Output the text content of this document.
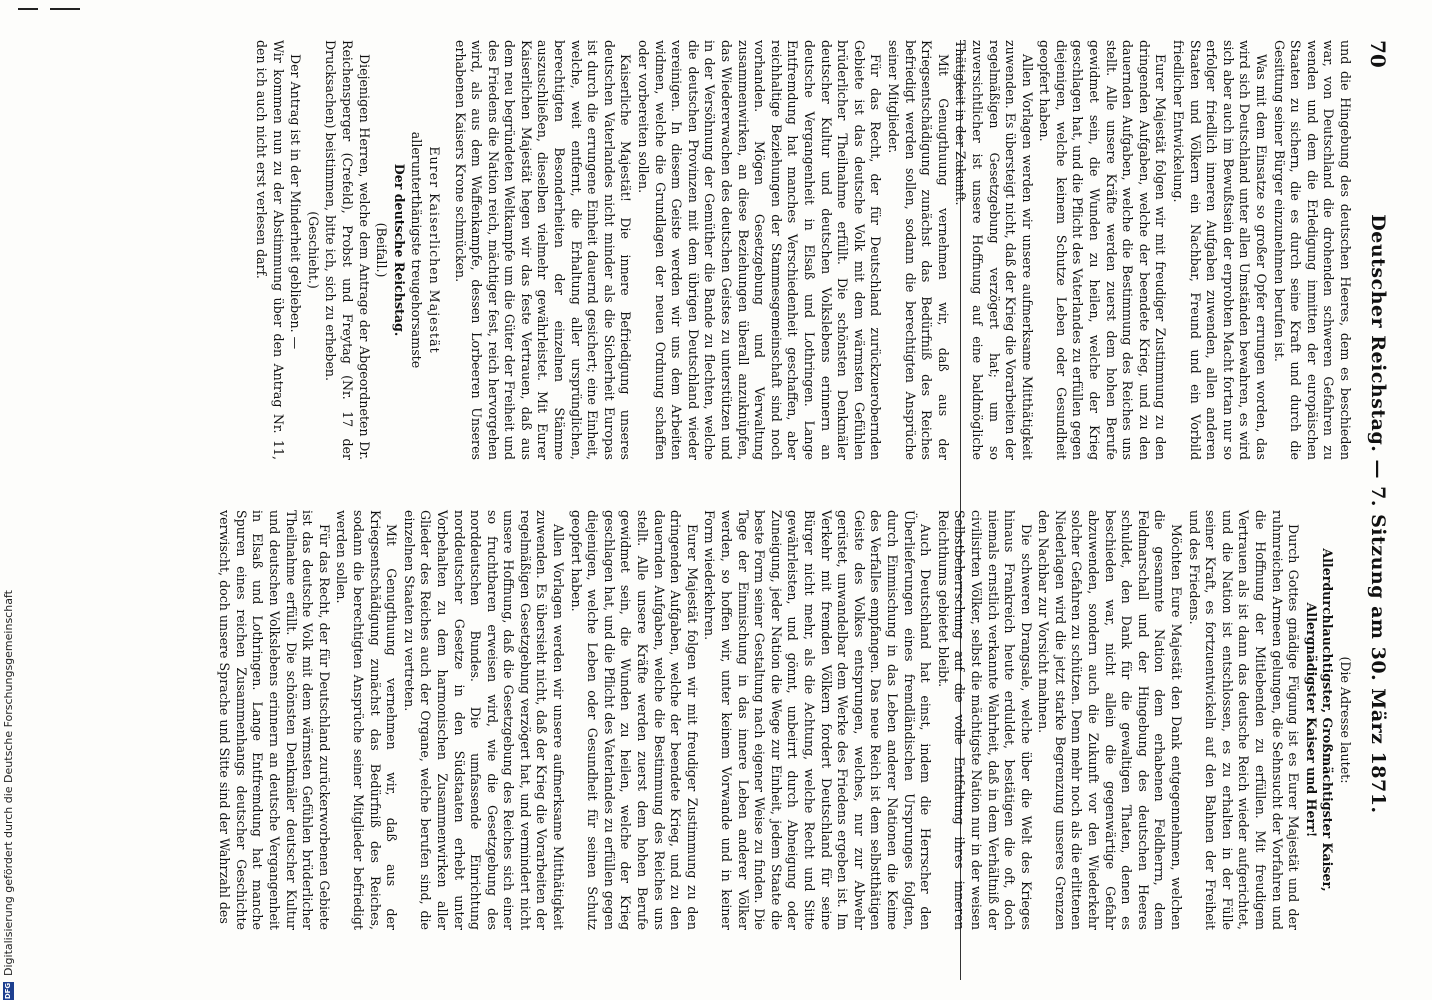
70
Deutscher Reichstag. — 7. Sitzung am 30. März 1871.

und die Hingebung des deutschen Heeres, dem es beschieden war, von Deutschland die drohenden schweren Gefahren zu wenden und dem die Erledigung inmitten der europäischen Staaten zu sichern, die es durch seine Kraft und durch die Gesittung seiner Bürger einzunehmen berufen ist.

Was mit dem Einsatze so großer Opfer errungen worden, das wird sich Deutschland unter allen Umständen bewahren, es wird sich aber auch im Bewußtsein der erprobten Macht fortan nur so erfolger friedlich inneren Aufgaben zuwenden, allen anderen Staaten und Völkern ein Nachbar, Freund und ein Vorbild friedlicher Entwickelung.

Eurer Majestät folgen wir mit freudiger Zustimmung zu den dringenden Aufgaben, welche der beendete Krieg, und zu den dauernden Aufgaben, welche die Bestimmung des Reiches uns stellt. Alle unsere Kräfte werden zuerst dem hohen Berufe gewidmet sein, die Wunden zu heilen, welche der Krieg geschlagen hat, und die Pflicht des Vaterlandes zu erfüllen gegen diejenigen, welche keinem Schutze Leben oder Gesundheit geopfert haben.

Allen Vorlagen werden wir unsere aufmerksame Mitthätigkeit zuwenden. Es übersteigt nicht, daß der Krieg die Vorarbeiten der regelmäßigen Gesetzgebung verzögert hat; um so zuversichtlicher ist unsere Hoffnung auf eine baldmögliche Thätigkeit in der Zukunft.

Mit Genugthuung vernehmen wir, daß aus der Kriegsentschädigung zunächst das Bedürfniß des Reiches befriedigt werden sollen, sodann die berechtigten Ansprüche seiner Mitglieder.

Für das Recht, der für Deutschland zurückzuerobernden Gebiete ist das deutsche Volk mit dem wärmsten Gefühlen brüderlicher Theilnahme erfüllt. Die schönsten Denkmäler deutscher Kultur und deutschen Volkslebens erinnern an deutsche Vergangenheit in Elsaß und Lothringen. Lange Entfremdung hat manches Verschiedenheit geschaffen, aber reichhaltige Beziehungen der Stammesgemeinschaft sind noch vorhanden. Mögen Gesetzgebung und Verwaltung zusammenwirken, an diese Beziehungen überall anzuknüpfen, das Wiedererwachen des deutschen Geistes zu unterstützen und in der Versöhnung der Gemüther die Bande zu flechten, welche die deutschen Provinzen mit dem übrigen Deutschland wieder vereinigen. In diesem Geiste werden wir uns dem Arbeiten widmen, welche die Grundlagen der neuen Ordnung schaffen oder vorbereiten sollen.

Kaiserliche Majestät! Die innere Befriedigung unseres deutschen Vaterlandes nicht minder als die Sicherheit Europas ist durch die errungene Einheit dauernd gesichert; eine Einheit, welche, weit entfernt, die Erhaltung aller ursprünglichen, berechtigten Besonderheiten der einzelnen Stämme auszuschließen, dieselben vielmehr gewährleistet. Mit Eurer Kaiserlichen Majestät hegen wir das feste Vertrauen, daß aus dem neu begründeten Weltkampfe um die Güter der Freiheit und des Friedens die Nation reich, mächtiger fest, reich hervorgehen wird, als aus dem Waffenkampfe, dessen Lorbeeren Unseres erhabenen Kaisers Krone schmücken.

Eurer Kaiserlichen Majestät

allerunterthänigste treugehorsamste

Der deutsche Reichstag.

(Beifall.)

Diejenigen Herren, welche dem Antrage der Abgeordneten Dr. Reichensperger (Crefeld), Probst und Freytag (Nr. 17 der Drucksachen) beistimmen, bitte ich, sich zu erheben.

(Geschieht.)

Der Antrag ist in der Minderheit geblieben. —

Wir kommen nun zu der Abstimmung über den Antrag Nr. 11, den ich auch nicht erst verlesen darf.

(Die Adresse lautet:

Allerdurchlauchtigster, Großmächtigster Kaiser, Allergnädigster Kaiser und Herr!

Durch Gottes gnädige Fügung ist es Eurer Majestät und der ruhmreichen Armeen gelungen, die Sehnsucht der Vorfahren und die Hoffnung der Mitlebenden zu erfüllen. Mit freudigem Vertrauen als ist dann das deutsche Reich wieder aufgerichtet, und die Nation ist entschlossen, es zu erhalten in der Fülle seiner Kraft, es fortzuentwickeln auf den Bahnen der Freiheit und des Friedens.

Möchten Eure Majestät den Dank entgegennehmen, welchen die gesammte Nation dem erhabenen Feldherrn, dem Feldmarschall und der Hingebung des deutschen Heeres schuldet, den Dank für die gewaltigen Thaten, denen es beschieden war, nicht allein die gegenwärtige Gefahr abzuwenden, sondern auch die Zukunft vor den Wiederkehr solcher Gefahren zu schützen. Denn mehr noch als die erlittenen Niederlagen wird die jetzt starke Begrenzung unseres Grenzen den Nachbar zur Vorsicht mahnen.

Die schweren Drangsale, welche über die Welt des Krieges hinaus Frankreich heute erduldet, bestätigen die oft, doch niemals ernstlich verkannte Wahrheit, daß in dem Verhältniß der civilisirten Völker, selbst die mächtigste Nation nur in der weisen Selbstbeherrschung auf die volle Entfaltung ihres inneren Reichthums gebietet bleibt.

Auch Deutschland hat einst, indem die Herrscher den Überlieferungen eines fremdländischen Ursprunges folgten, durch Einmischung in das Leben anderer Nationen die Keime des Verfalles empfangen. Das neue Reich ist dem selbstthätigen Geiste des Volkes entsprungen, welches, nur zur Abwehr gerüstet, unwandelbar dem Werke des Friedens ergeben ist. Im Verkehr mit fremden Völkern fordert Deutschland für seine Bürger nicht mehr, als die Achtung, welche Recht und Sitte gewährleisten, und gönnt, unbeirrt durch Abneigung oder Zuneigung, jeder Nation die Wege zur Einheit, jedem Staate die beste Form seiner Gestaltung nach eigener Weise zu finden. Die Tage der Einmischung in das innere Leben anderer Völker werden, so hoffen wir, unter keinem Vorwande und in keiner Form wiederkehren.

Eurer Majestät folgen wir mit freudiger Zustimmung zu den dringenden Aufgaben, welche der beendete Krieg, und zu den dauernden Aufgaben, welche die Bestimmung des Reiches uns stellt. Alle unsere Kräfte werden zuerst dem hohen Berufe gewidmet sein, die Wunden zu heilen, welche der Krieg geschlagen hat, und die Pflicht des Vaterlandes zu erfüllen gegen diejenigen, welche Leben oder Gesundheit für seinen Schutz geopfert haben.

Allen Vorlagen werden wir unsere aufmerksame Mitthätigkeit zuwenden. Es übersieht nicht, daß der Krieg die Vorarbeiten der regelmäßigen Gesetzgebung verzögert hat, und vermindert nicht unsere Hoffnung, daß die Gesetzgebung des Reiches sich einer so fruchtbaren erweisen wird, wie die Gesetzgebung des norddeutschen Bundes. Die umfassende Einrichtung norddeutscher Gesetze in den Südstaaten erhebt unter Vorbehalten zu dem harmonischen Zusammenwirken aller Glieder des Reiches auch der Organe, welche berufen sind, die einzelnen Staaten zu vertreten.

Mit Genugthuung vernehmen wir, daß aus der Kriegsentschädigung zunächst das Bedürfniß des Reiches, sodann die berechtigten Ansprüche seiner Mitglieder befriedigt werden sollen.

Für das Recht, der für Deutschland zurückerworbenen Gebiete ist das deutsche Volk mit dem wärmsten Gefühlen brüderlicher Theilnahme erfüllt. Die schönsten Denkmäler deutscher Kultur und deutschen Volkslebens erinnern an deutsche Vergangenheit in Elsaß und Lothringen. Lange Entfremdung hat manche Spuren eines reichen Zusammenhangs deutscher Geschichte verwischt, doch unsere Sprache und Sitte sind der Wahrzahl des

DFG
Digitalisierung gefördert durch die Deutsche Forschungsgemeinschaft
